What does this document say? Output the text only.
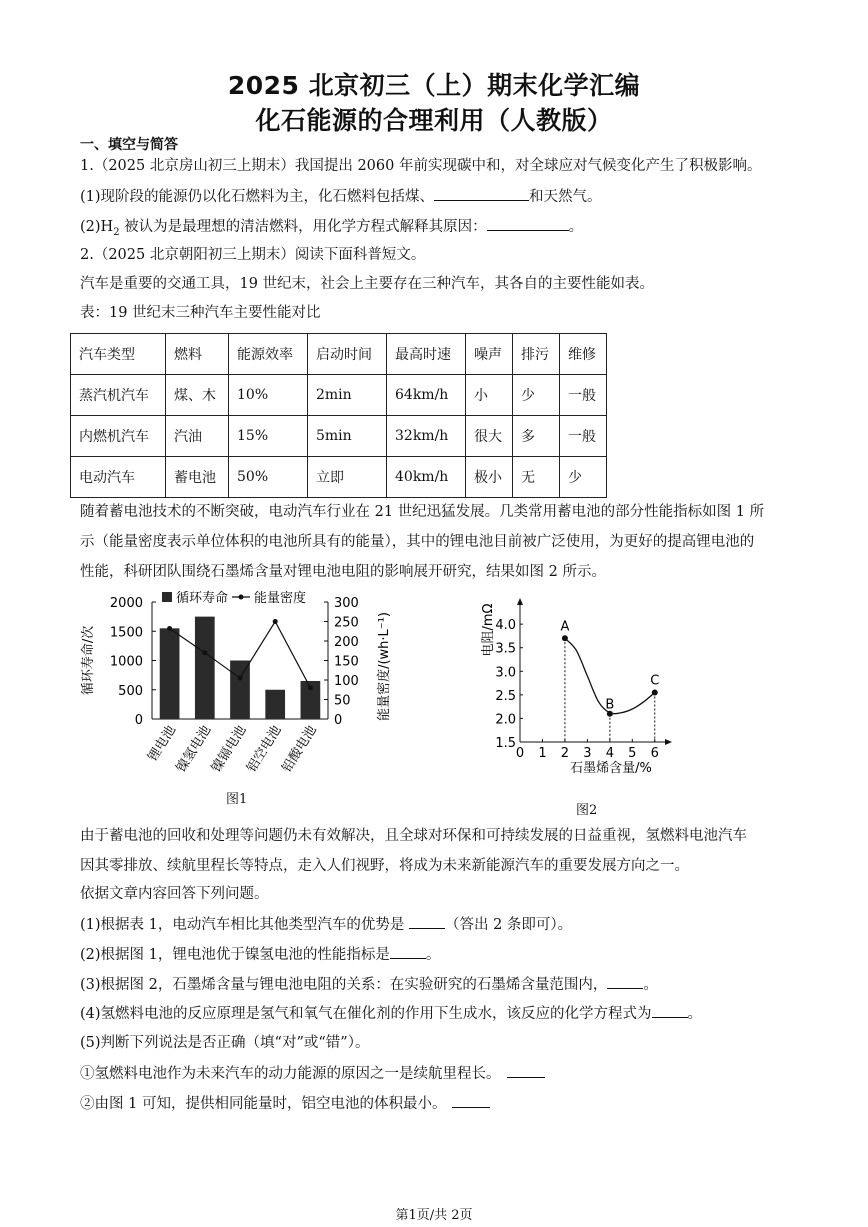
2025 北京初三（上）期末化学汇编
化石能源的合理利用（人教版）
一、填空与简答
1.（2025 北京房山初三上期末）我国提出 2060 年前实现碳中和，对全球应对气候变化产生了积极影响。
(1)现阶段的能源仍以化石燃料为主，化石燃料包括煤、	和天然气。
$(2)H_2$ 被认为是最理想的清洁燃料，用化学方程式解释其原因：	。
2.（2025 北京朝阳初三上期末）阅读下面科普短文。
汽车是重要的交通工具，19 世纪末，社会上主要存在三种汽车，其各自的主要性能如表。
表：19 世纪末三种汽车主要性能对比
汽车类型	燃料	能源效率	启动时间	最高时速	噪声	排污	维修
蒸汽机汽车	煤、木	10%	2min	64km/h	小	少	一般
内燃机汽车	汽油	15%	5min	32km/h	很大	多	一般
电动汽车	蓄电池	50%	立即	40km/h	极小	无	少
随着蓄电池技术的不断突破，电动汽车行业在 21 世纪迅猛发展。几类常用蓄电池的部分性能指标如图 1 所
示（能量密度表示单位体积的电池所具有的能量），其中的锂电池目前被广泛使用，为更好的提高锂电池的
性能，科研团队围绕石墨烯含量对锂电池电阻的影响展开研究，结果如图 2 所示。
0
500
1000
1500
2000
0
50
100
150
200
250
300
锂电池
镍氢电池
镍镉电池
铝空电池
铅酸电池
循环寿命/次	能量密度/(wh·L⁻¹)
循环寿命 能量密度
图1
0 1 2 3 4 5 6
1.5
2.0
2.5
3.0
3.5
4.0	A
B
C
电阻/mΩ
石墨烯含量/%
图2
由于蓄电池的回收和处理等问题仍未有效解决，且全球对环保和可持续发展的日益重视，氢燃料电池汽车
因其零排放、续航里程长等特点，走入人们视野，将成为未来新能源汽车的重要发展方向之一。
依据文章内容回答下列问题。
(1)根据表 1，电动汽车相比其他类型汽车的优势是 （答出 2 条即可）。
(2)根据图 1，锂电池优于镍氢电池的性能指标是 。
(3)根据图 2，石墨烯含量与锂电池电阻的关系：在实验研究的石墨烯含量范围内， 。
(4)氢燃料电池的反应原理是氢气和氧气在催化剂的作用下生成水，该反应的化学方程式为 。
(5)判断下列说法是否正确（填“对”或“错”）。
①氢燃料电池作为未来汽车的动力能源的原因之一是续航里程长。
②由图 1 可知，提供相同能量时，铝空电池的体积最小。
第1页/共 2页
